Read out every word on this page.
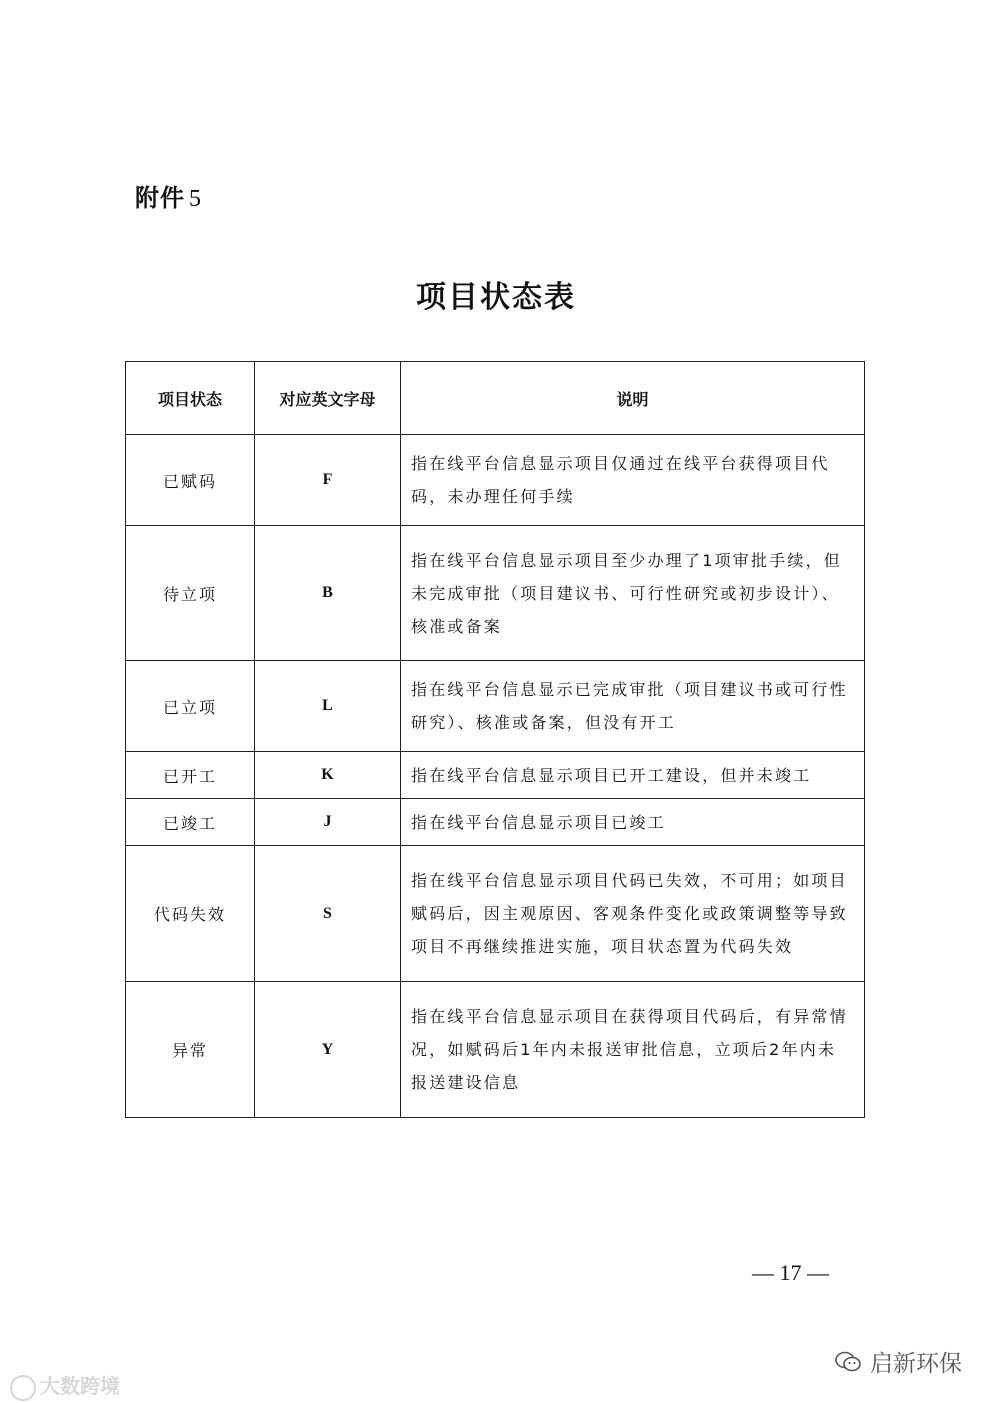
附件 5
项目状态表
项目状态	对应英文字母	说明
已赋码	F	指在线平台信息显示项目仅通过在线平台获得项目代码，未办理任何手续
待立项	B	指在线平台信息显示项目至少办理了1项审批手续，但未完成审批（项目建议书、可行性研究或初步设计）、核准或备案
已立项	L	指在线平台信息显示已完成审批（项目建议书或可行性研究）、核准或备案，但没有开工
已开工	K	指在线平台信息显示项目已开工建设，但并未竣工
已竣工	J	指在线平台信息显示项目已竣工
代码失效	S	指在线平台信息显示项目代码已失效，不可用；如项目赋码后，因主观原因、客观条件变化或政策调整等导致项目不再继续推进实施，项目状态置为代码失效
异常	Y	指在线平台信息显示项目在获得项目代码后，有异常情况，如赋码后1年内未报送审批信息，立项后2年内未报送建设信息
— 17 —
大数跨境
启新环保
